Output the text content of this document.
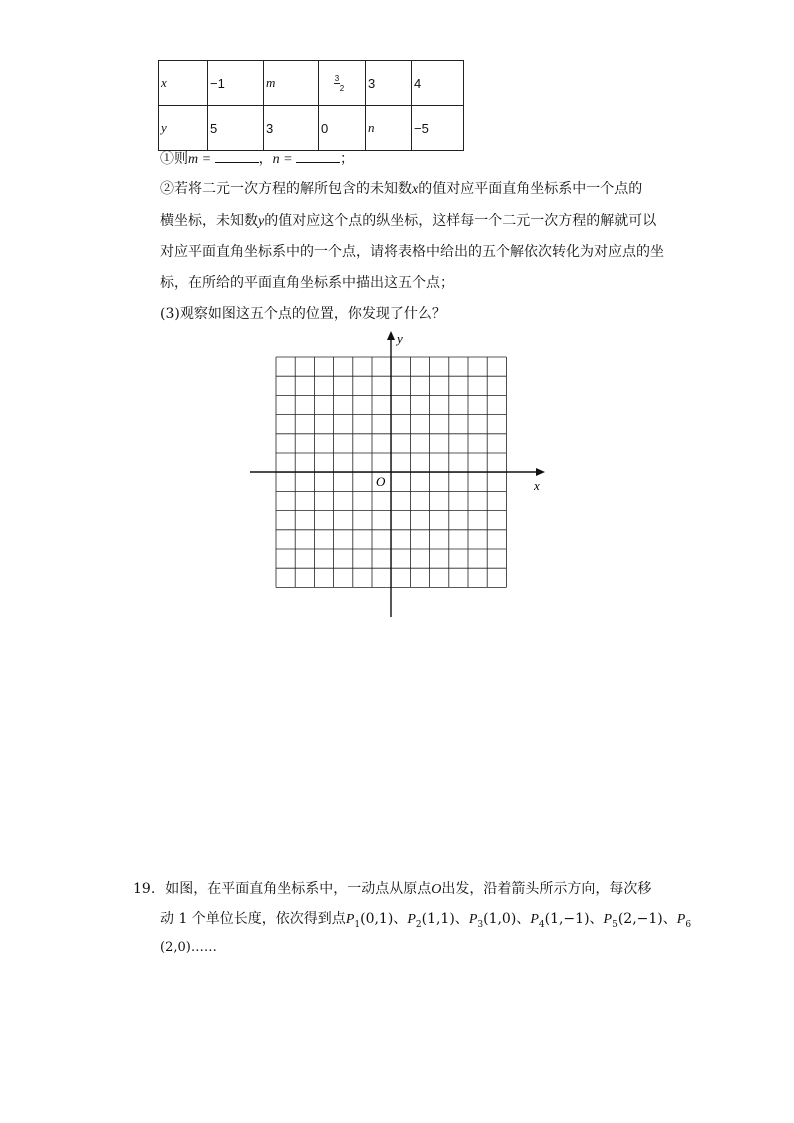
x	−1	m	$\frac{3}{2}$	3	4
y	5	3	0	n	−5
①则m =	，n =	；
②若将二元一次方程的解所包含的未知数x的值对应平面直角坐标系中一个点的
横坐标，未知数y的值对应这个点的纵坐标，这样每一个二元一次方程的解就可以
对应平面直角坐标系中的一个点，请将表格中给出的五个解依次转化为对应点的坐
标，在所给的平面直角坐标系中描出这五个点；
(3)观察如图这五个点的位置，你发现了什么？
x
y
O
19. 如图，在平面直角坐标系中，一动点从原点O出发，沿着箭头所示方向，每次移
动 1 个单位长度，依次得到点$P_1(0,1)$、$P_2(1,1)$、$P_3(1,0)$、$P_4(1,-1)$、$P_5(2,-1)$、$P_6$
(2,0)……
